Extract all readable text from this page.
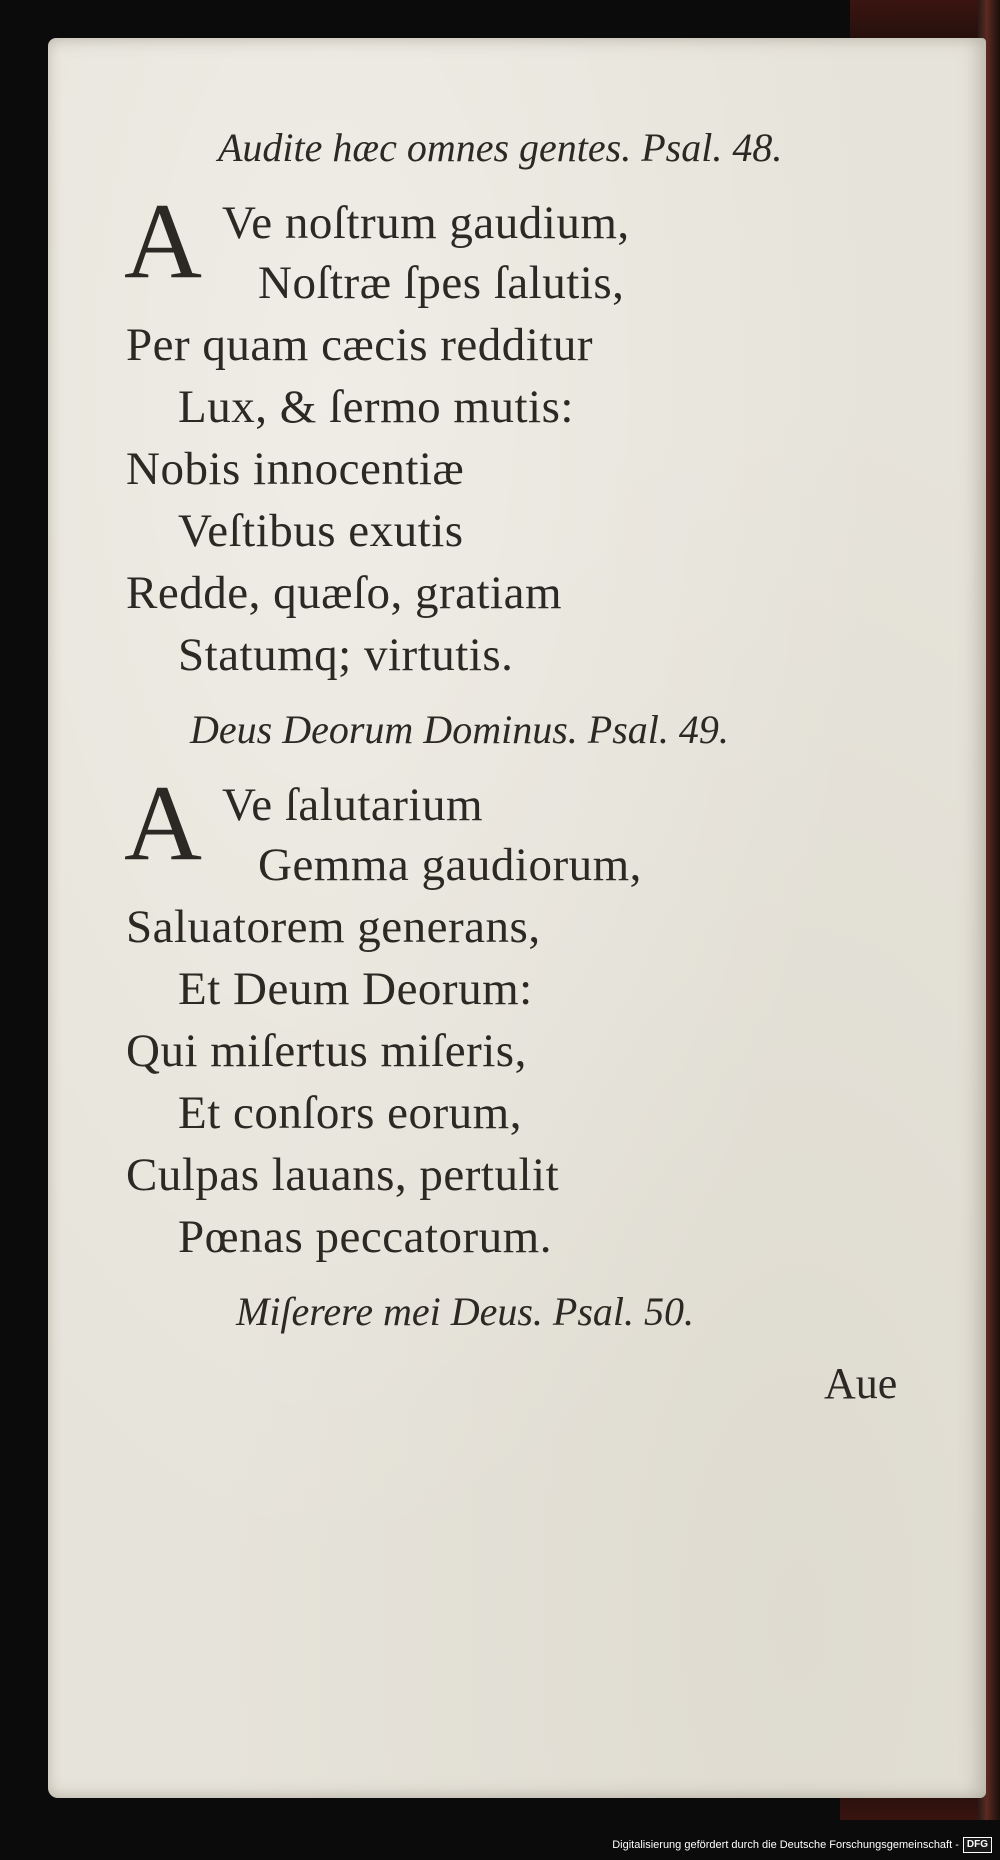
Audite hæc omnes gentes. Psal. 48.
A Ve noſtrum gaudium,
Noſtræ ſpes ſalutis,
Per quam cæcis redditur
Lux, & ſermo mutis:
Nobis innocentiæ
Veſtibus exutis
Redde, quæſo, gratiam
Statumq; virtutis.
Deus Deorum Dominus. Psal. 49.
A Ve ſalutarium
Gemma gaudiorum,
Saluatorem generans,
Et Deum Deorum:
Qui miſertus miſeris,
Et conſors eorum,
Culpas lauans, pertulit
Pœnas peccatorum.
Miſerere mei Deus. Psal. 50.
Aue
Digitalisierung gefördert durch die Deutsche Forschungsgemeinschaft - DFG
